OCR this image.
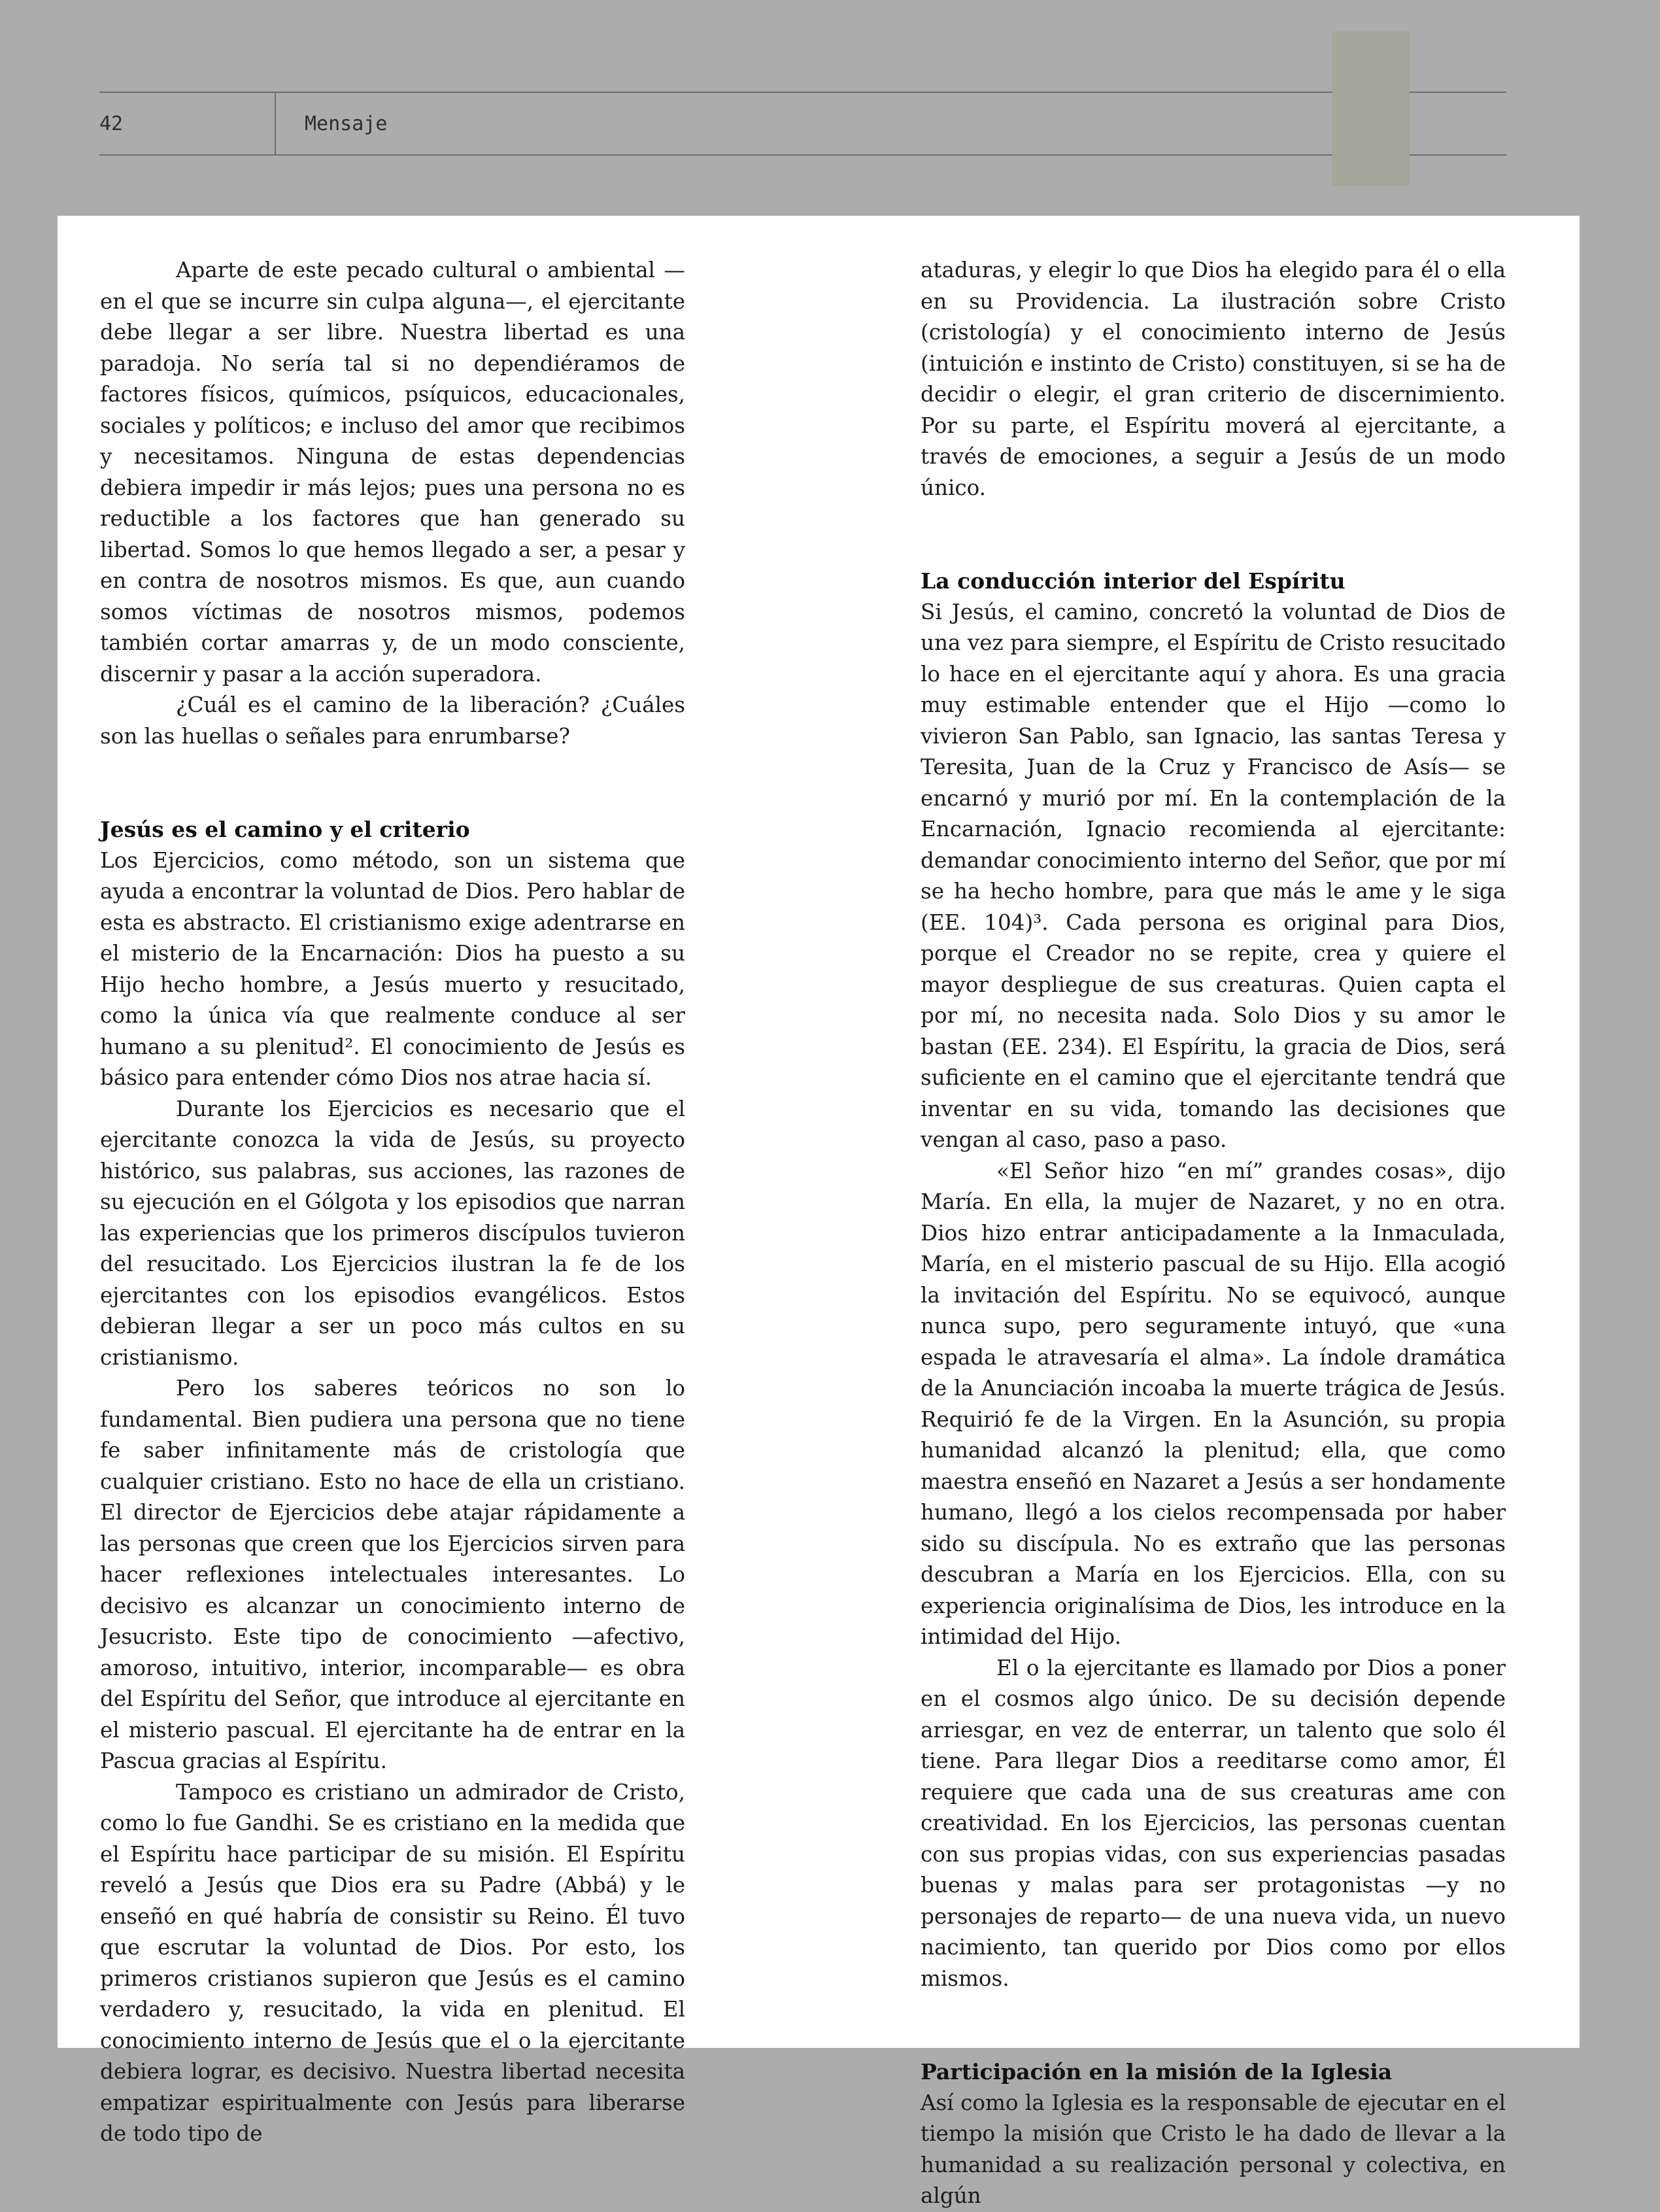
42	Mensaje

Aparte de este pecado cultural o ambiental —en el que se incurre sin culpa alguna—, el ejercitante debe llegar a ser libre. Nuestra libertad es una paradoja. No sería tal si no dependiéramos de factores físicos, químicos, psíquicos, educacionales, sociales y políticos; e incluso del amor que recibimos y necesitamos. Ninguna de estas dependencias debiera impedir ir más lejos; pues una persona no es reductible a los factores que han generado su libertad. Somos lo que hemos llegado a ser, a pesar y en contra de nosotros mismos. Es que, aun cuando somos víctimas de nosotros mismos, podemos también cortar amarras y, de un modo consciente, discernir y pasar a la acción superadora.

¿Cuál es el camino de la liberación? ¿Cuáles son las huellas o señales para enrumbarse?

Jesús es el camino y el criterio

Los Ejercicios, como método, son un sistema que ayuda a encontrar la voluntad de Dios. Pero hablar de esta es abstracto. El cristianismo exige adentrarse en el misterio de la Encarnación: Dios ha puesto a su Hijo hecho hombre, a Jesús muerto y resucitado, como la única vía que realmente conduce al ser humano a su plenitud². El conocimiento de Jesús es básico para entender cómo Dios nos atrae hacia sí.

Durante los Ejercicios es necesario que el ejercitante conozca la vida de Jesús, su proyecto histórico, sus palabras, sus acciones, las razones de su ejecución en el Gólgota y los episodios que narran las experiencias que los primeros discípulos tuvieron del resucitado. Los Ejercicios ilustran la fe de los ejercitantes con los episodios evangélicos. Estos debieran llegar a ser un poco más cultos en su cristianismo.

Pero los saberes teóricos no son lo fundamental. Bien pudiera una persona que no tiene fe saber infinitamente más de cristología que cualquier cristiano. Esto no hace de ella un cristiano. El director de Ejercicios debe atajar rápidamente a las personas que creen que los Ejercicios sirven para hacer reflexiones intelectuales interesantes. Lo decisivo es alcanzar un conocimiento interno de Jesucristo. Este tipo de conocimiento —afectivo, amoroso, intuitivo, interior, incomparable— es obra del Espíritu del Señor, que introduce al ejercitante en el misterio pascual. El ejercitante ha de entrar en la Pascua gracias al Espíritu.

Tampoco es cristiano un admirador de Cristo, como lo fue Gandhi. Se es cristiano en la medida que el Espíritu hace participar de su misión. El Espíritu reveló a Jesús que Dios era su Padre (Abbá) y le enseñó en qué habría de consistir su Reino. Él tuvo que escrutar la voluntad de Dios. Por esto, los primeros cristianos supieron que Jesús es el camino verdadero y, resucitado, la vida en plenitud. El conocimiento interno de Jesús que el o la ejercitante debiera lograr, es decisivo. Nuestra libertad necesita empatizar espiritualmente con Jesús para liberarse de todo tipo de

ataduras, y elegir lo que Dios ha elegido para él o ella en su Providencia. La ilustración sobre Cristo (cristología) y el conocimiento interno de Jesús (intuición e instinto de Cristo) constituyen, si se ha de decidir o elegir, el gran criterio de discernimiento. Por su parte, el Espíritu moverá al ejercitante, a través de emociones, a seguir a Jesús de un modo único.

La conducción interior del Espíritu

Si Jesús, el camino, concretó la voluntad de Dios de una vez para siempre, el Espíritu de Cristo resucitado lo hace en el ejercitante aquí y ahora. Es una gracia muy estimable entender que el Hijo —como lo vivieron San Pablo, san Ignacio, las santas Teresa y Teresita, Juan de la Cruz y Francisco de Asís— se encarnó y murió por mí. En la contemplación de la Encarnación, Ignacio recomienda al ejercitante: demandar conocimiento interno del Señor, que por mí se ha hecho hombre, para que más le ame y le siga (EE. 104)³. Cada persona es original para Dios, porque el Creador no se repite, crea y quiere el mayor despliegue de sus creaturas. Quien capta el por mí, no necesita nada. Solo Dios y su amor le bastan (EE. 234). El Espíritu, la gracia de Dios, será suficiente en el camino que el ejercitante tendrá que inventar en su vida, tomando las decisiones que vengan al caso, paso a paso.

«El Señor hizo “en mí” grandes cosas», dijo María. En ella, la mujer de Nazaret, y no en otra. Dios hizo entrar anticipadamente a la Inmaculada, María, en el misterio pascual de su Hijo. Ella acogió la invitación del Espíritu. No se equivocó, aunque nunca supo, pero seguramente intuyó, que «una espada le atravesaría el alma». La índole dramática de la Anunciación incoaba la muerte trágica de Jesús. Requirió fe de la Virgen. En la Asunción, su propia humanidad alcanzó la plenitud; ella, que como maestra enseñó en Nazaret a Jesús a ser hondamente humano, llegó a los cielos recompensada por haber sido su discípula. No es extraño que las personas descubran a María en los Ejercicios. Ella, con su experiencia originalísima de Dios, les introduce en la intimidad del Hijo.

El o la ejercitante es llamado por Dios a poner en el cosmos algo único. De su decisión depende arriesgar, en vez de enterrar, un talento que solo él tiene. Para llegar Dios a reeditarse como amor, Él requiere que cada una de sus creaturas ame con creatividad. En los Ejercicios, las personas cuentan con sus propias vidas, con sus experiencias pasadas buenas y malas para ser protagonistas —y no personajes de reparto— de una nueva vida, un nuevo nacimiento, tan querido por Dios como por ellos mismos.

Participación en la misión de la Iglesia

Así como la Iglesia es la responsable de ejecutar en el tiempo la misión que Cristo le ha dado de llevar a la humanidad a su realización personal y colectiva, en algún
